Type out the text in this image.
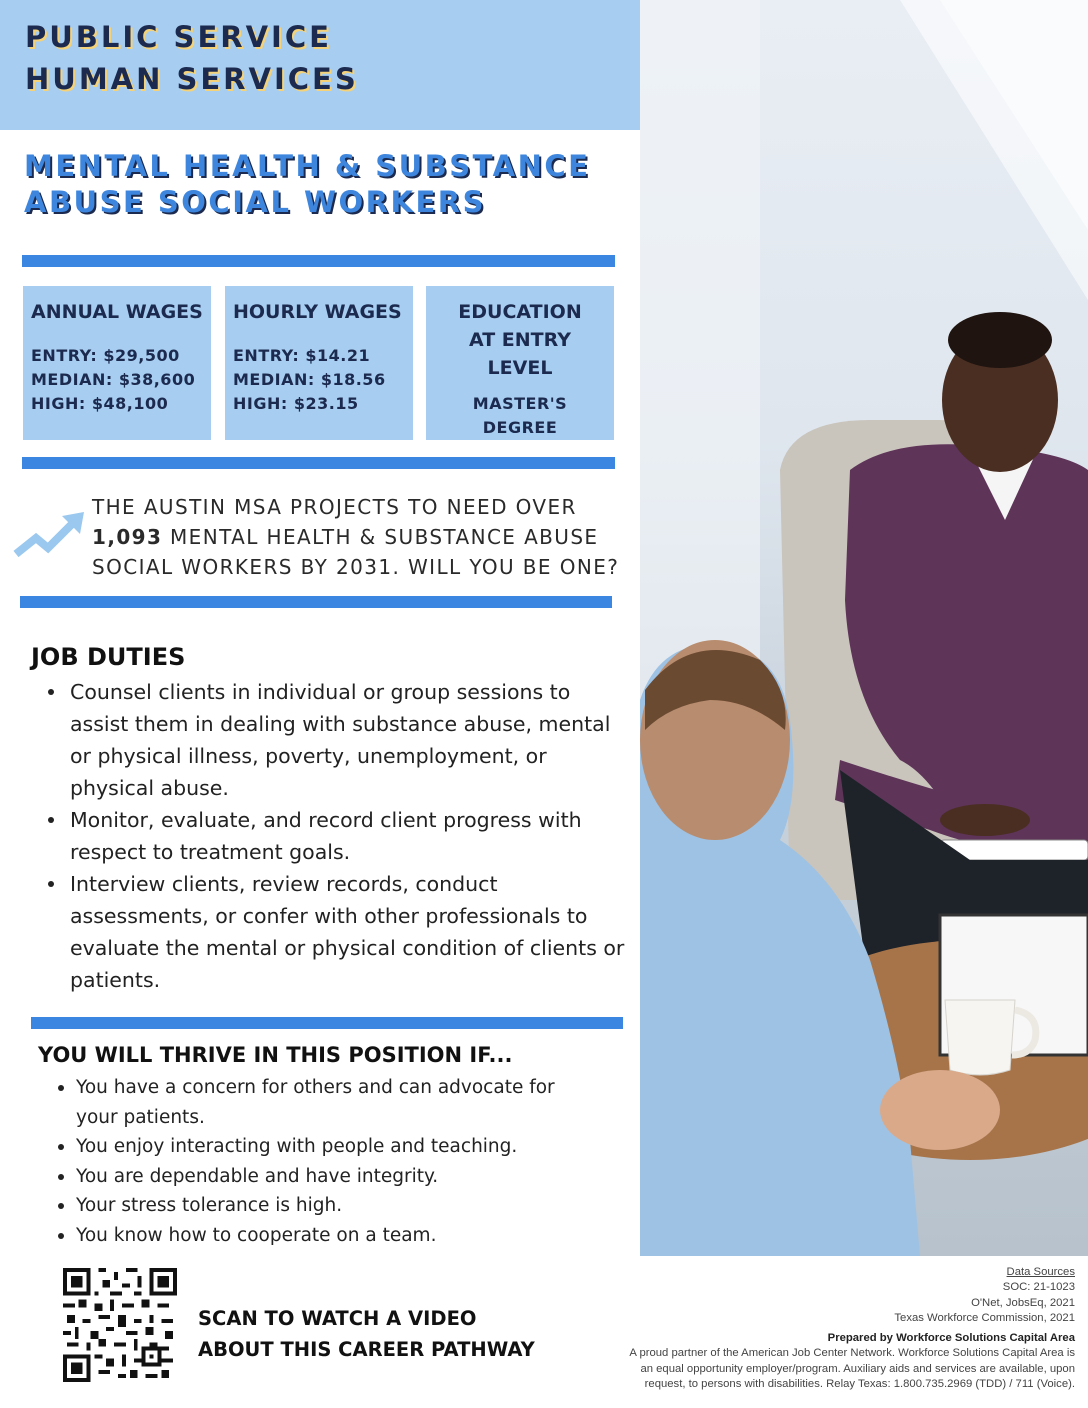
PUBLIC SERVICE
HUMAN SERVICES
MENTAL HEALTH & SUBSTANCE ABUSE SOCIAL WORKERS
ANNUAL WAGES

ENTRY: $29,500

MEDIAN: $38,600

HIGH: $48,100

HOURLY WAGES

ENTRY: $14.21

MEDIAN: $18.56

HIGH: $23.15

EDUCATION
AT ENTRY LEVEL

MASTER'S

DEGREE

THE AUSTIN MSA PROJECTS TO NEED OVER 1,093 MENTAL HEALTH & SUBSTANCE ABUSE SOCIAL WORKERS BY 2031. WILL YOU BE ONE?
JOB DUTIES
Counsel clients in individual or group sessions to assist them in dealing with substance abuse, mental or physical illness, poverty, unemployment, or physical abuse.
Monitor, evaluate, and record client progress with respect to treatment goals.
Interview clients, review records, conduct assessments, or confer with other professionals to evaluate the mental or physical condition of clients or patients.
YOU WILL THRIVE IN THIS POSITION IF...
You have a concern for others and can advocate for your patients.
You enjoy interacting with people and teaching.
You are dependable and have integrity.
Your stress tolerance is high.
You know how to cooperate on a team.
SCAN TO WATCH A VIDEO
ABOUT THIS CAREER PATHWAY
Data Sources
SOC: 21-1023
O'Net, JobsEq, 2021
Texas Workforce Commission, 2021
Prepared by Workforce Solutions Capital Area
A proud partner of the American Job Center Network. Workforce Solutions Capital Area is
an equal opportunity employer/program. Auxiliary aids and services are available, upon
request, to persons with disabilities. Relay Texas: 1.800.735.2969 (TDD) / 711 (Voice).
